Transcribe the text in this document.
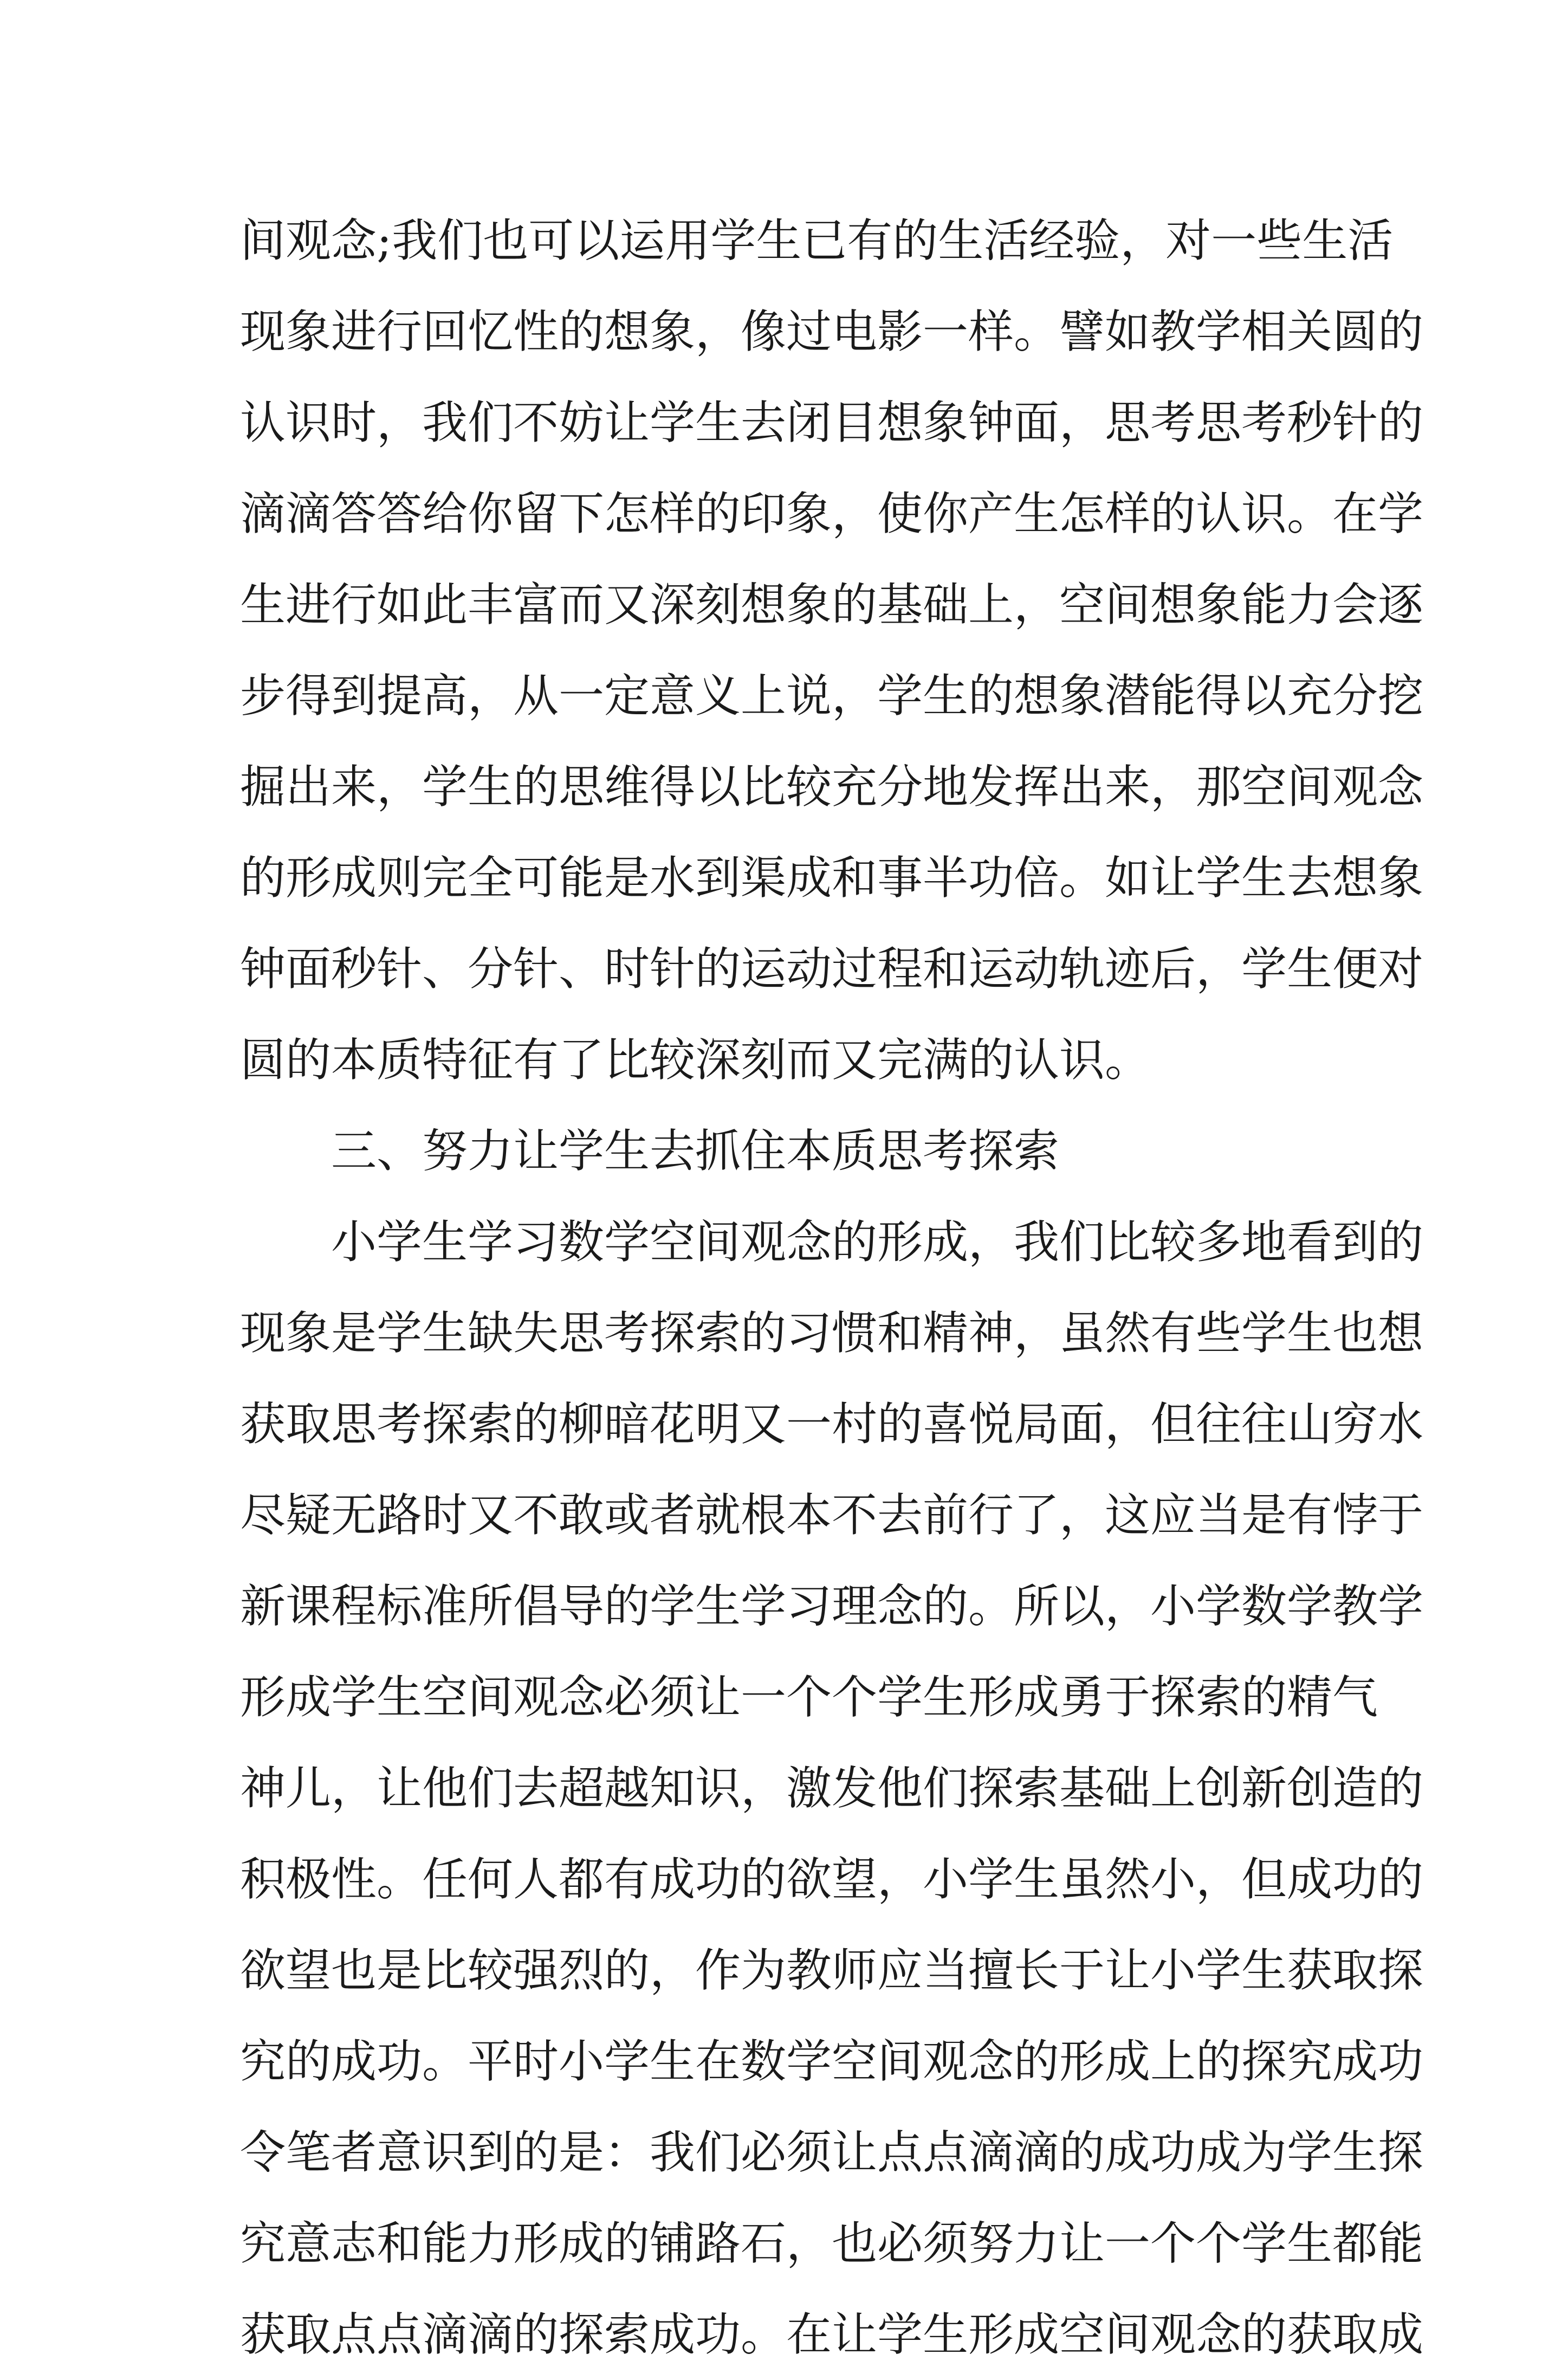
间观念;我们也可以运用学生已有的生活经验，对一些生活
现象进行回忆性的想象，像过电影一样。譬如教学相关圆的
认识时，我们不妨让学生去闭目想象钟面，思考思考秒针的
滴滴答答给你留下怎样的印象，使你产生怎样的认识。在学
生进行如此丰富而又深刻想象的基础上，空间想象能力会逐
步得到提高，从一定意义上说，学生的想象潜能得以充分挖
掘出来，学生的思维得以比较充分地发挥出来，那空间观念
的形成则完全可能是水到渠成和事半功倍。如让学生去想象
钟面秒针、分针、时针的运动过程和运动轨迹后，学生便对
圆的本质特征有了比较深刻而又完满的认识。
三、努力让学生去抓住本质思考探索
小学生学习数学空间观念的形成，我们比较多地看到的
现象是学生缺失思考探索的习惯和精神，虽然有些学生也想
获取思考探索的柳暗花明又一村的喜悦局面，但往往山穷水
尽疑无路时又不敢或者就根本不去前行了，这应当是有悖于
新课程标准所倡导的学生学习理念的。所以，小学数学教学
形成学生空间观念必须让一个个学生形成勇于探索的精气
神儿，让他们去超越知识，激发他们探索基础上创新创造的
积极性。任何人都有成功的欲望，小学生虽然小，但成功的
欲望也是比较强烈的，作为教师应当擅长于让小学生获取探
究的成功。平时小学生在数学空间观念的形成上的探究成功
令笔者意识到的是：我们必须让点点滴滴的成功成为学生探
究意志和能力形成的铺路石，也必须努力让一个个学生都能
获取点点滴滴的探索成功。在让学生形成空间观念的获取成
